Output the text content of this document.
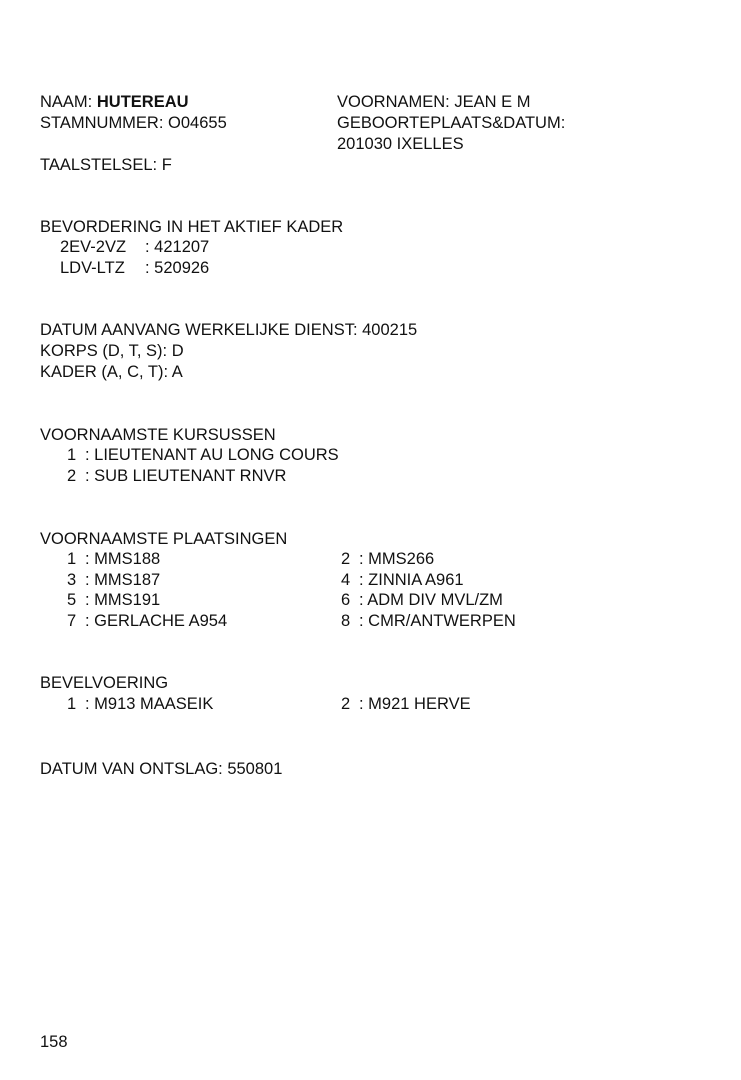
NAAM: HUTEREAU
STAMNUMMER: O04655
TAALSTELSEL: F
VOORNAMEN: JEAN E M
GEBOORTEPLAATS&DATUM:
201030 IXELLES
BEVORDERING IN HET AKTIEF KADER
2EV-2VZ : 421207
LDV-LTZ : 520926
DATUM AANVANG WERKELIJKE DIENST: 400215
KORPS (D, T, S): D
KADER (A, C, T): A
VOORNAAMSTE KURSUSSEN
1 : LIEUTENANT AU LONG COURS
2 : SUB LIEUTENANT RNVR
VOORNAAMSTE PLAATSINGEN
1 : MMS188
3 : MMS187
5 : MMS191
7 : GERLACHE A954
2 : MMS266
4 : ZINNIA A961
6 : ADM DIV MVL/ZM
8 : CMR/ANTWERPEN
BEVELVOERING
1 : M913 MAASEIK	2 : M921 HERVE
DATUM VAN ONTSLAG: 550801
158
